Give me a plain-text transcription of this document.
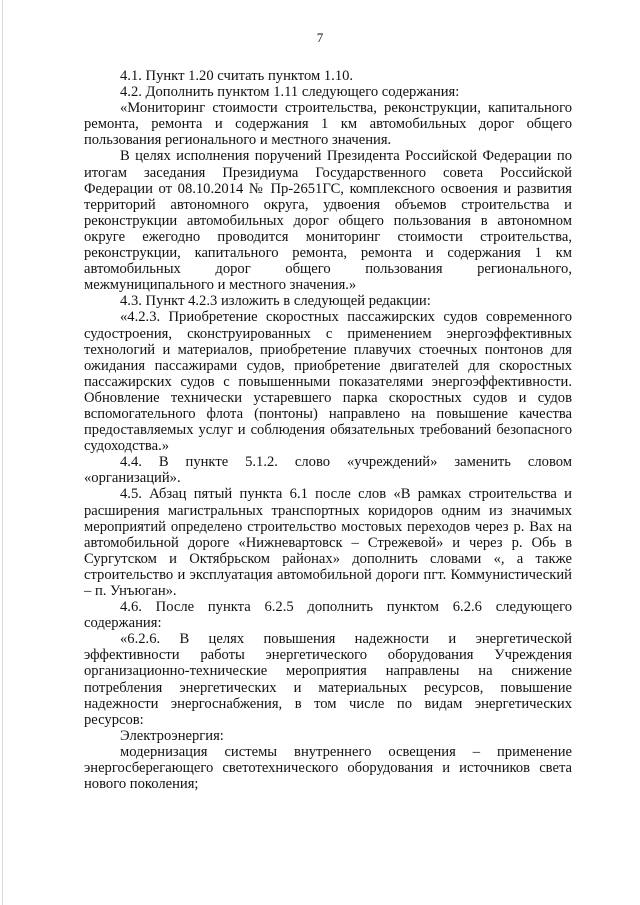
7

4.1. Пункт 1.20 считать пунктом 1.10.

4.2. Дополнить пунктом 1.11 следующего содержания:

«Мониторинг стоимости строительства, реконструкции, капитального ремонта, ремонта и содержания 1 км автомобильных дорог общего пользования регионального и местного значения.

В целях исполнения поручений Президента Российской Федерации по итогам заседания Президиума Государственного совета Российской Федерации от 08.10.2014 № Пр-2651ГС, комплексного освоения и развития территорий автономного округа, удвоения объемов строительства и реконструкции автомобильных дорог общего пользования в автономном округе ежегодно проводится мониторинг стоимости строительства, реконструкции, капитального ремонта, ремонта и содержания 1 км автомобильных дорог общего пользования регионального, межмуниципального и местного значения.»

4.3. Пункт 4.2.3 изложить в следующей редакции:

«4.2.3. Приобретение скоростных пассажирских судов современного судостроения, сконструированных с применением энергоэффективных технологий и материалов, приобретение плавучих стоечных понтонов для ожидания пассажирами судов, приобретение двигателей для скоростных пассажирских судов с повышенными показателями энергоэффективности. Обновление технически устаревшего парка скоростных судов и судов вспомогательного флота (понтоны) направлено на повышение качества предоставляемых услуг и соблюдения обязательных требований безопасного судоходства.»

4.4. В пункте 5.1.2. слово «учреждений» заменить словом «организаций».

4.5. Абзац пятый пункта 6.1 после слов «В рамках строительства и расширения магистральных транспортных коридоров одним из значимых мероприятий определено строительство мостовых переходов через р. Вах на автомобильной дороге «Нижневартовск – Стрежевой» и через р. Обь в Сургутском и Октябрьском районах» дополнить словами «, а также строительство и эксплуатация автомобильной дороги пгт. Коммунистический – п. Унъюган».

4.6. После пункта 6.2.5 дополнить пунктом 6.2.6 следующего содержания:

«6.2.6. В целях повышения надежности и энергетической эффективности работы энергетического оборудования Учреждения организационно-технические мероприятия направлены на снижение потребления энергетических и материальных ресурсов, повышение надежности энергоснабжения, в том числе по видам энергетических ресурсов:

Электроэнергия:

модернизация системы внутреннего освещения – применение энергосберегающего светотехнического оборудования и источников света нового поколения;
